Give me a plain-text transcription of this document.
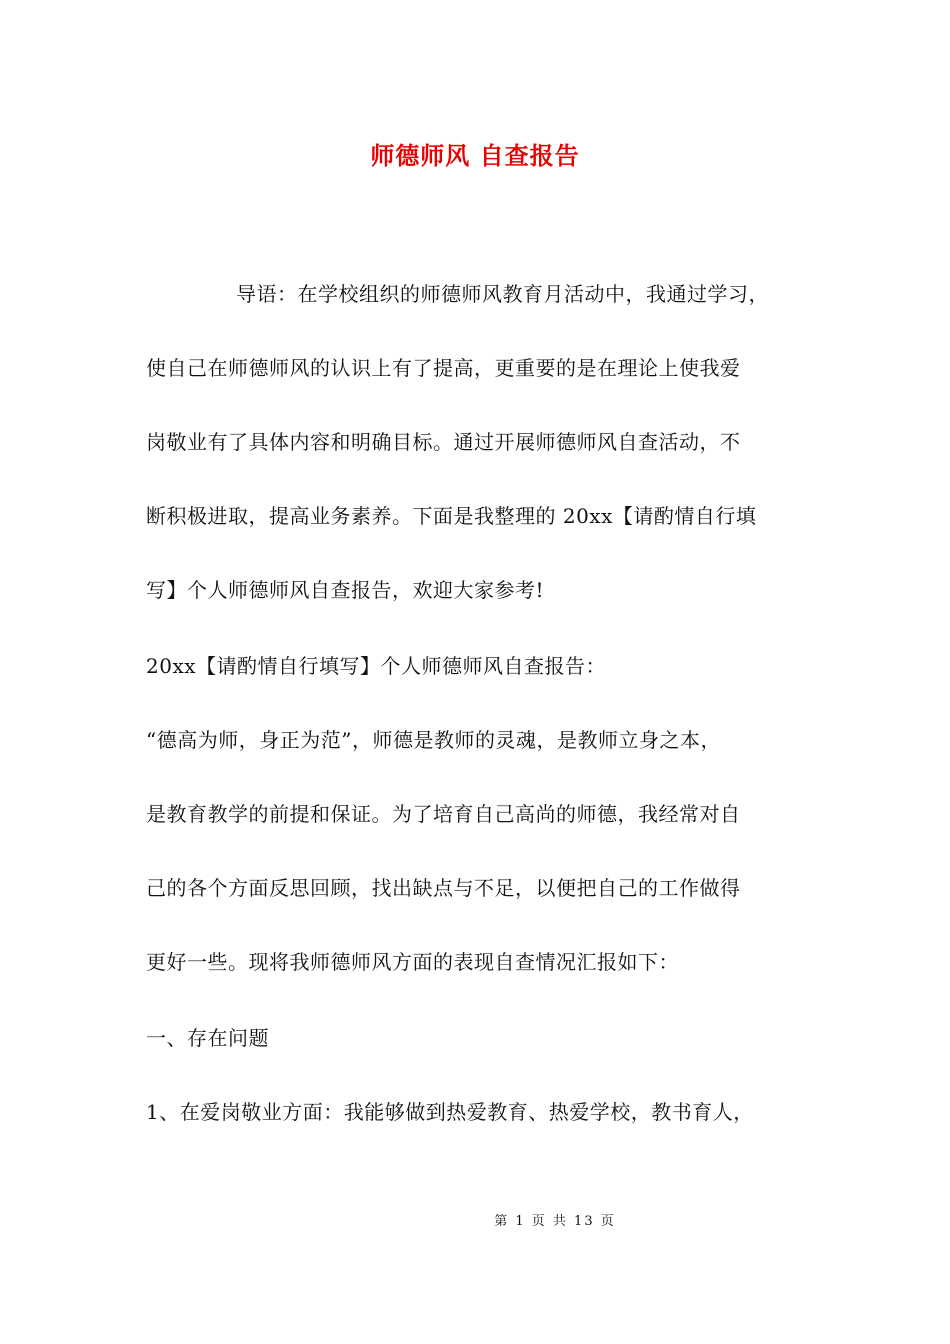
师德师风 自查报告
导语：在学校组织的师德师风教育月活动中，我通过学习，
使自己在师德师风的认识上有了提高，更重要的是在理论上使我爱
岗敬业有了具体内容和明确目标。通过开展师德师风自查活动，不
断积极进取，提高业务素养。下面是我整理的 20xx【请酌情自行填
写】个人师德师风自查报告，欢迎大家参考!
20xx【请酌情自行填写】个人师德师风自查报告：
“德高为师，身正为范”，师德是教师的灵魂，是教师立身之本，
是教育教学的前提和保证。为了培育自己高尚的师德，我经常对自
己的各个方面反思回顾，找出缺点与不足，以便把自己的工作做得
更好一些。现将我师德师风方面的表现自查情况汇报如下：
一、存在问题
1、在爱岗敬业方面：我能够做到热爱教育、热爱学校，教书育人，
第 1 页 共 13 页
